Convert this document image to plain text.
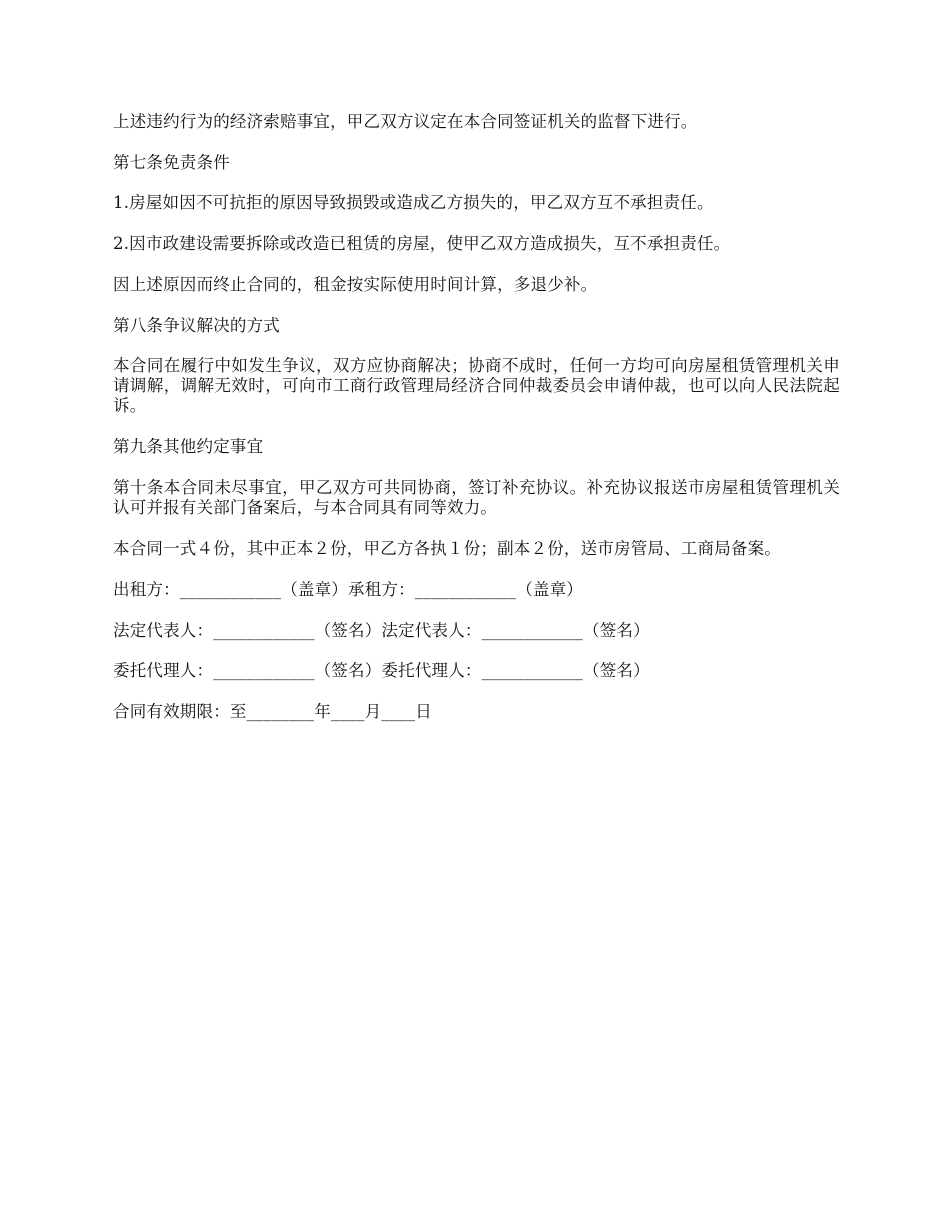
上述违约行为的经济索赔事宜，甲乙双方议定在本合同签证机关的监督下进行。

第七条免责条件

1.房屋如因不可抗拒的原因导致损毁或造成乙方损失的，甲乙双方互不承担责任。

2.因市政建设需要拆除或改造已租赁的房屋，使甲乙双方造成损失，互不承担责任。

因上述原因而终止合同的，租金按实际使用时间计算，多退少补。

第八条争议解决的方式

本合同在履行中如发生争议，双方应协商解决；协商不成时，任何一方均可向房屋租赁管理机关申请调解，调解无效时，可向市工商行政管理局经济合同仲裁委员会申请仲裁，也可以向人民法院起诉。

第九条其他约定事宜

第十条本合同未尽事宜，甲乙双方可共同协商，签订补充协议。补充协议报送市房屋租赁管理机关认可并报有关部门备案后，与本合同具有同等效力。

本合同一式４份，其中正本２份，甲乙方各执１份；副本２份，送市房管局、工商局备案。

出租方：____________（盖章）承租方：____________（盖章）

法定代表人：____________（签名）法定代表人：____________（签名）

委托代理人：____________（签名）委托代理人：____________（签名）

合同有效期限：至________年____月____日
